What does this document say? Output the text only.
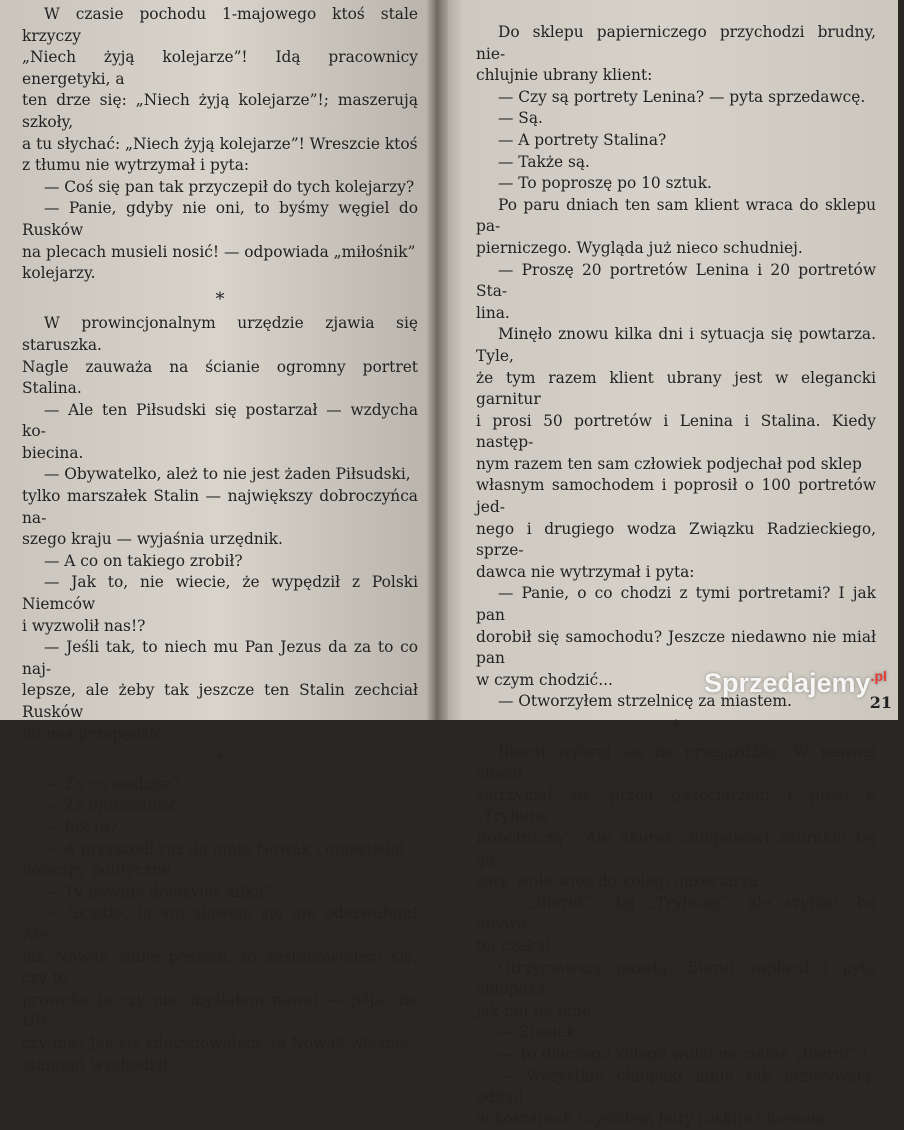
W czasie pochodu 1-majowego ktoś stale krzyczy
„Niech żyją kolejarze”! Idą pracownicy energetyki, a
ten drze się: „Niech żyją kolejarze”!; maszerują szkoły,
a tu słychać: „Niech żyją kolejarze”! Wreszcie ktoś
z tłumu nie wytrzymał i pyta:
— Coś się pan tak przyczepił do tych kolejarzy?
— Panie, gdyby nie oni, to byśmy węgiel do Rusków
na plecach musieli nosić! — odpowiada „miłośnik”
kolejarzy.
*
W prowincjonalnym urzędzie zjawia się staruszka.
Nagle zauważa na ścianie ogromny portret Stalina.
— Ale ten Piłsudski się postarzał — wzdycha ko-
biecina.
— Obywatelko, ależ to nie jest żaden Piłsudski,
tylko marszałek Stalin — największy dobroczyńca na-
szego kraju — wyjaśnia urzędnik.
— A co on takiego zrobił?
— Jak to, nie wiecie, że wypędził z Polski Niemców
i wyzwolił nas!?
— Jeśli tak, to niech mu Pan Jezus da za to co naj-
lepsze, ale żeby tak jeszcze ten Stalin zechciał Rusków
od nas przepędzić...
*
— Za co siedzisz?
— Za opieszałość.
— Jak to?
— A przyszedł raz do mnie Nowak i opowiadał
dowcipy polityczne...
— Ty pewnie dołożyłeś kilka?
— Skądże, ja ani słowem się nie odezwałem! Ale
jak Nowak sobie poszedł, to zastanawiałem się, czy to
prowokacja czy nie; myślałem nawet — pójść na UB
czy nie? Jak się zdecydowałem, to Nowak właśnie
stamtąd wychodził.
Do sklepu papierniczego przychodzi brudny, nie-
chlujnie ubrany klient:
— Czy są portrety Lenina? — pyta sprzedawcę.
— Są.
— A portrety Stalina?
— Także są.
— To poproszę po 10 sztuk.
Po paru dniach ten sam klient wraca do sklepu pa-
pierniczego. Wygląda już nieco schudniej.
— Proszę 20 portretów Lenina i 20 portretów Sta-
lina.
Minęło znowu kilka dni i sytuacja się powtarza. Tyle,
że tym razem klient ubrany jest w elegancki garnitur
i prosi 50 portretów i Lenina i Stalina. Kiedy następ-
nym razem ten sam człowiek podjechał pod sklep
własnym samochodem i poprosił o 100 portretów jed-
nego i drugiego wodza Związku Radzieckiego, sprze-
dawca nie wytrzymał i pyta:
— Panie, o co chodzi z tymi portretami? I jak pan
dorobił się samochodu? Jeszcze niedawno nie miał pan
w czym chodzić...
— Otworzyłem strzelnicę za miastem.
*
Bierut wybrał się na przejażdżkę. W pewnej chwili
zatrzymał się przed gazeciarzem i prosi o „Trybunę
Robotniczą”. Ale akurat chłopakowi zabrakło tej ga-
zety, woła więc do kolegi gazeciarza:
— „Bierut”, daj „Trybunę”, ale szybko, bo obywa-
tel czeka!
Otrzymawszy gazetę, Bierut zapłacił i pyta chłopaka
jak mu na imię.
— Stasiek.
— To dlaczego kolega wołał na ciebie „Bierut”?
— Wszystkie chłopaki mnie tak przezywają, odkąd
w koszarach czyściłem buty ruskim oficerom.
21
Sprzedajemy$^{.pl}$
